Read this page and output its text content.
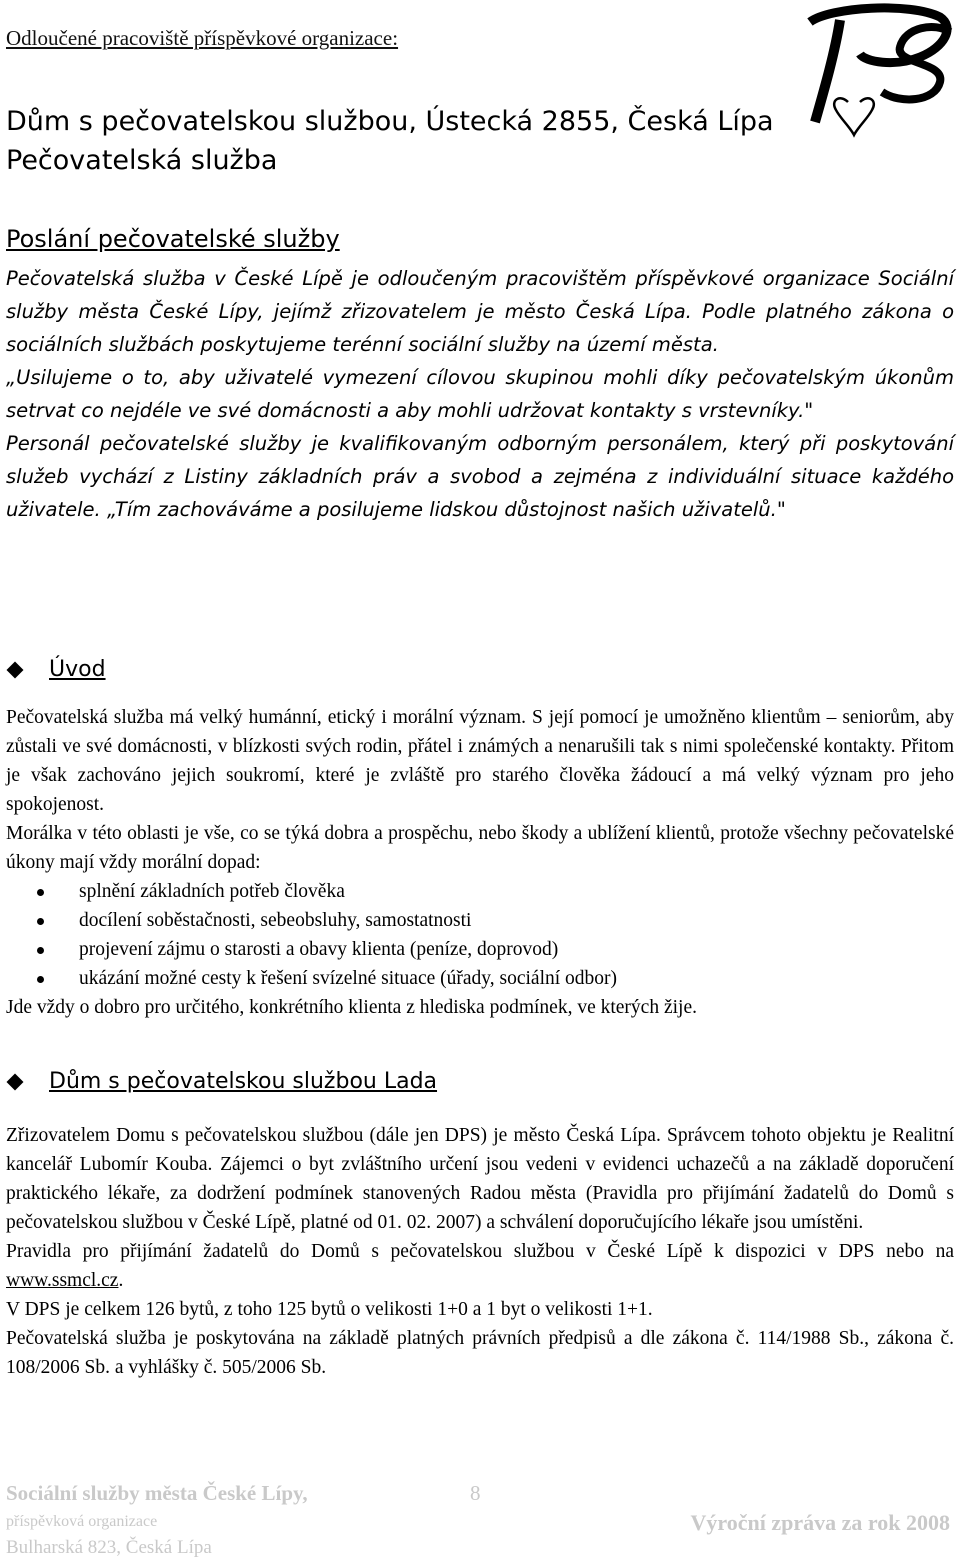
Odloučené pracoviště příspěvkové organizace:
Dům s pečovatelskou službou, Ústecká 2855, Česká Lípa
Pečovatelská služba
Poslání pečovatelské služby

Pečovatelská služba v České Lípě je odloučeným pracovištěm příspěvkové organizace Sociální služby města České Lípy, jejímž zřizovatelem je město Česká Lípa. Podle platného zákona o sociálních službách poskytujeme terénní sociální služby na území města.

„Usilujeme o to, aby uživatelé vymezení cílovou skupinou mohli díky pečovatelským úkonům setrvat co nejdéle ve své domácnosti a aby mohli udržovat kontakty s vrstevníky."

Personál pečovatelské služby je kvalifikovaným odborným personálem, který při poskytování služeb vychází z Listiny základních práv a svobod a zejména z individuální situace každého uživatele. „Tím zachováváme a posilujeme lidskou důstojnost našich uživatelů."

Úvod

Pečovatelská služba má velký humánní, etický i morální význam. S její pomocí je umožněno klientům – seniorům, aby zůstali ve své domácnosti, v blízkosti svých rodin, přátel i známých a nenarušili tak s nimi společenské kontakty. Přitom je však zachováno jejich soukromí, které je zvláště pro starého člověka žádoucí a má velký význam pro jeho spokojenost.

Morálka v této oblasti je vše, co se týká dobra a prospěchu, nebo škody a ublížení klientů, protože všechny pečovatelské úkony mají vždy morální dopad:

splnění základních potřeb člověka
docílení soběstačnosti, sebeobsluhy, samostatnosti
projevení zájmu o starosti a obavy klienta (peníze, doprovod)
ukázání možné cesty k řešení svízelné situace (úřady, sociální odbor)

Jde vždy o dobro pro určitého, konkrétního klienta z hlediska podmínek, ve kterých žije.

Dům s pečovatelskou službou Lada

Zřizovatelem Domu s pečovatelskou službou (dále jen DPS) je město Česká Lípa. Správcem tohoto objektu je Realitní kancelář Lubomír Kouba. Zájemci o byt zvláštního určení jsou vedeni v evidenci uchazečů a na základě doporučení praktického lékaře, za dodržení podmínek stanovených Radou města (Pravidla pro přijímání žadatelů do Domů s pečovatelskou službou v České Lípě, platné od 01. 02. 2007) a schválení doporučujícího lékaře jsou umístěni.

Pravidla pro přijímání žadatelů do Domů s pečovatelskou službou v České Lípě k dispozici v DPS nebo na www.ssmcl.cz.

V DPS je celkem 126 bytů, z toho 125 bytů o velikosti 1+0 a 1 byt o velikosti 1+1.

Pečovatelská služba je poskytována na základě platných právních předpisů a dle zákona č. 114/1988 Sb., zákona č. 108/2006 Sb. a vyhlášky č. 505/2006 Sb.

Sociální služby města České Lípy,	8
příspěvková organizace
Bulharská 823, Česká Lípa
Výroční zpráva za rok 2008
